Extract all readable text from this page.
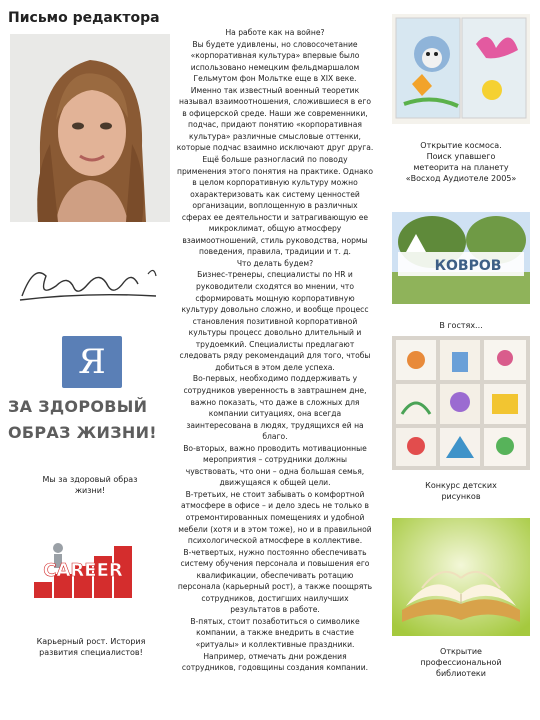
Письмо редактора
Я
ЗА ЗДОРОВЫЙ
ОБРАЗ ЖИЗНИ!
Мы за здоровый образ
жизни!
CAREER
Карьерный рост. История
развития специалистов!
На работе как на войне?
Вы будете удивлены, но словосочетание
«корпоративная культура» впервые было
использовано немецким фельдмаршалом
Гельмутом фон Мольтке еще в XIX веке.
Именно так известный военный теоретик
называл взаимоотношения, сложившиеся в его
в офицерской среде. Наши же современники,
подчас, придают понятию «корпоративная
культура» различные смысловые оттенки,
которые подчас взаимно исключают друг друга.
Ещё больше разногласий по поводу
применения этого понятия на практике. Однако
в целом корпоративную культуру можно
охарактеризовать как систему ценностей
организации, воплощенную в различных
сферах ее деятельности и затрагивающую ее
микроклимат, общую атмосферу
взаимоотношений, стиль руководства, нормы
поведения, правила, традиции и т. д.
Что делать будем?
Бизнес-тренеры, специалисты по HR и
руководители сходятся во мнении, что
сформировать мощную корпоративную
культуру довольно сложно, и вообще процесс
становления позитивной корпоративной
культуры процесс довольно длительный и
трудоемкий. Специалисты предлагают
следовать ряду рекомендаций для того, чтобы
добиться в этом деле успеха.
Во-первых, необходимо поддерживать у
сотрудников уверенность в завтрашнем дне,
важно показать, что даже в сложных для
компании ситуациях, она всегда
заинтересована в людях, трудящихся ей на
благо.
Во-вторых, важно проводить мотивационные
мероприятия – сотрудники должны
чувствовать, что они – одна большая семья,
движущаяся к общей цели.
В-третьих, не стоит забывать о комфортной
атмосфере в офисе – и дело здесь не только в
отремонтированных помещениях и удобной
мебели (хотя и в этом тоже), но и в правильной
психологической атмосфере в коллективе.
В-четвертых, нужно постоянно обеспечивать
систему обучения персонала и повышения его
квалификации, обеспечивать ротацию
персонала (карьерный рост), а также поощрять
сотрудников, достигших наилучших
результатов в работе.
В-пятых, стоит позаботиться о символике
компании, а также внедрить в счастие
«ритуалы» и коллективные праздники.
Например, отмечать дни рождения
сотрудников, годовщины создания компании.
Открытие космоса.
Поиск упавшего
метеорита на планету
«Восход Аудиотеле 2005»
КОВРОВ
В гостях...
Конкурс детских
рисунков
Открытие
профессиональной
библиотеки
